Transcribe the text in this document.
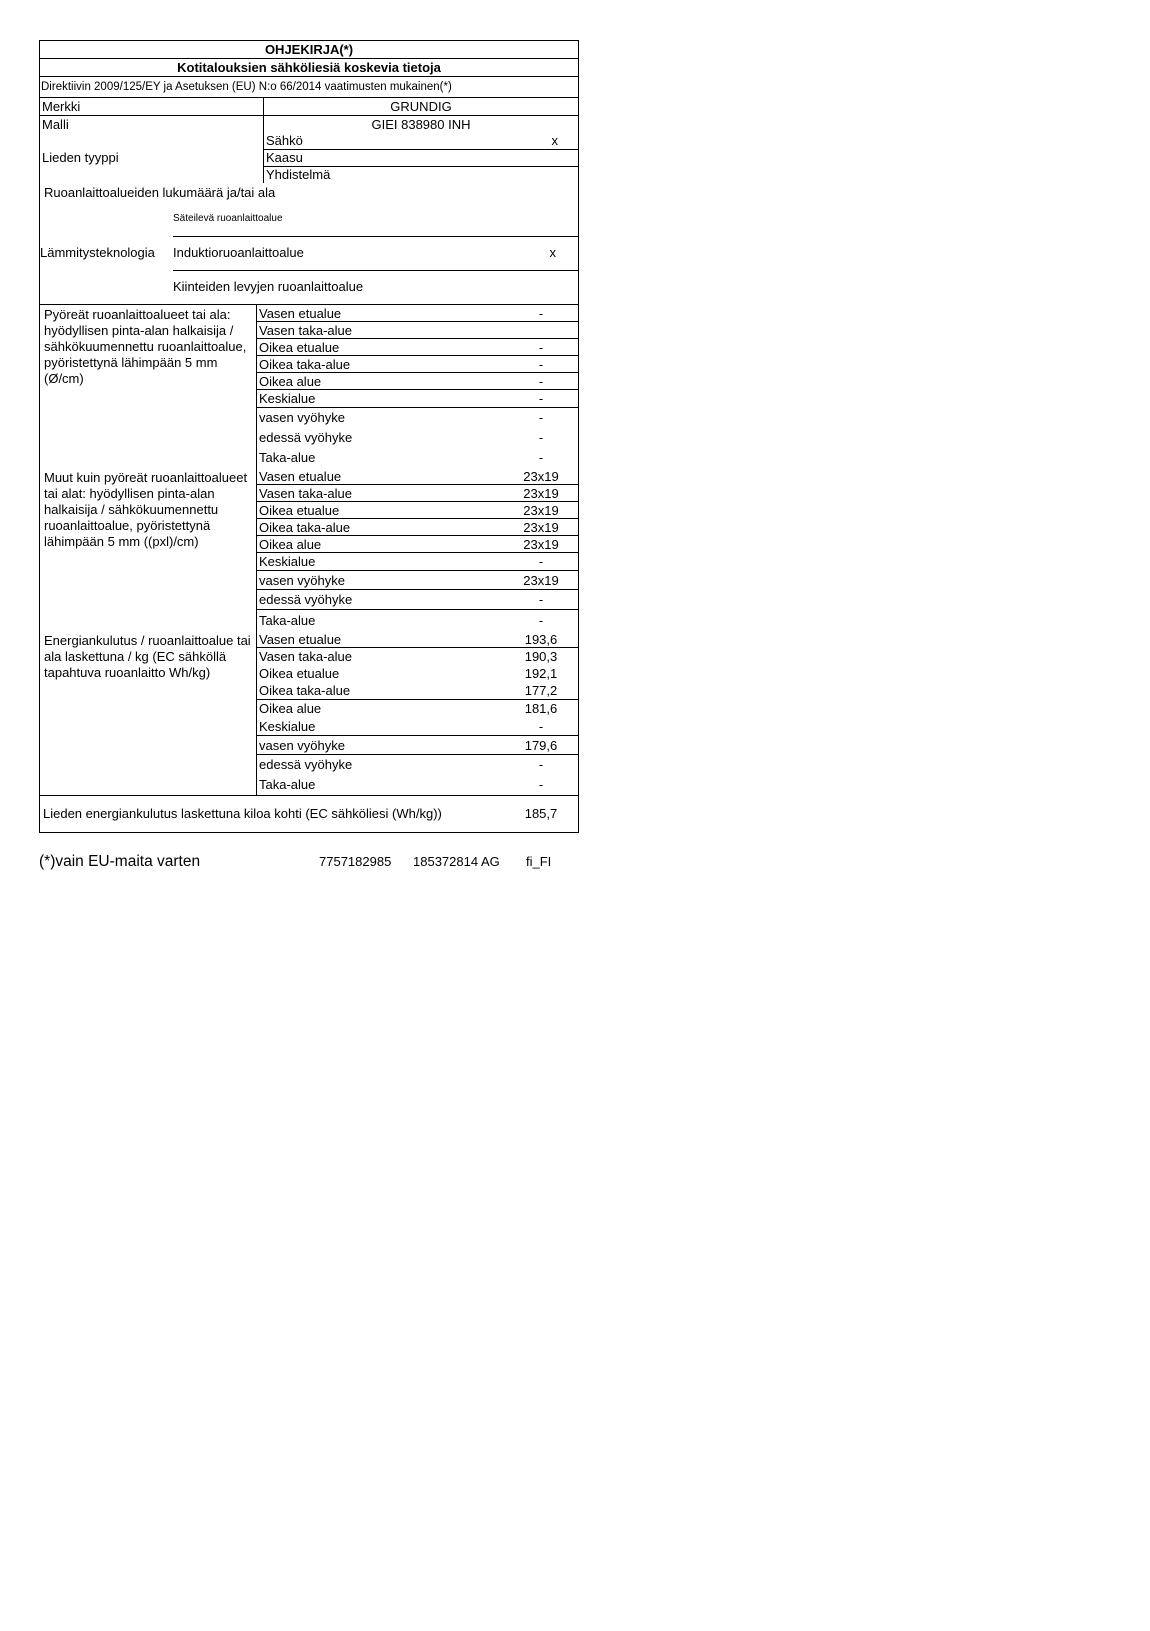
OHJEKIRJA(*)
Kotitalouksien sähköliesiä koskevia tietoja
Direktiivin 2009/125/EY ja Asetuksen (EU) N:o 66/2014 vaatimusten mukainen(*)
Merkki	GRUNDIG
Malli	GIEI 838980 INH
Lieden tyyppi
Sähkö	x
Kaasu
Yhdistelmä
Ruoanlaittoalueiden lukumäärä ja/tai ala
Lämmitysteknologia
Säteilevä ruoanlaittoalue
Induktioruoanlaittoalue	x
Kiinteiden levyjen ruoanlaittoalue
Pyöreät ruoanlaittoalueet tai ala: hyödyllisen pinta-alan halkaisija / sähkökuumennettu ruoanlaittoalue, pyöristettynä lähimpään 5 mm (Ø/cm)
Vasen etualue	-
Vasen taka-alue
Oikea etualue	-
Oikea taka-alue	-
Oikea alue	-
Keskialue	-
vasen vyöhyke	-
edessä vyöhyke	-
Taka-alue	-
Muut kuin pyöreät ruoanlaittoalueet tai alat: hyödyllisen pinta-alan halkaisija / sähkökuumennettu ruoanlaittoalue, pyöristettynä lähimpään 5 mm ((pxl)/cm)
Vasen etualue	23x19
Vasen taka-alue	23x19
Oikea etualue	23x19
Oikea taka-alue	23x19
Oikea alue	23x19
Keskialue	-
vasen vyöhyke	23x19
edessä vyöhyke	-
Taka-alue	-
Energiankulutus / ruoanlaittoalue tai ala laskettuna / kg (EC sähköllä tapahtuva ruoanlaitto Wh/kg)
Vasen etualue	193,6
Vasen taka-alue	190,3
Oikea etualue	192,1
Oikea taka-alue	177,2
Oikea alue	181,6
Keskialue	-
vasen vyöhyke	179,6
edessä vyöhyke	-
Taka-alue	-
Lieden energiankulutus laskettuna kiloa kohti (EC sähköliesi (Wh/kg))	185,7
(*)vain EU-maita varten	7757182985 185372814 AG fi_FI
